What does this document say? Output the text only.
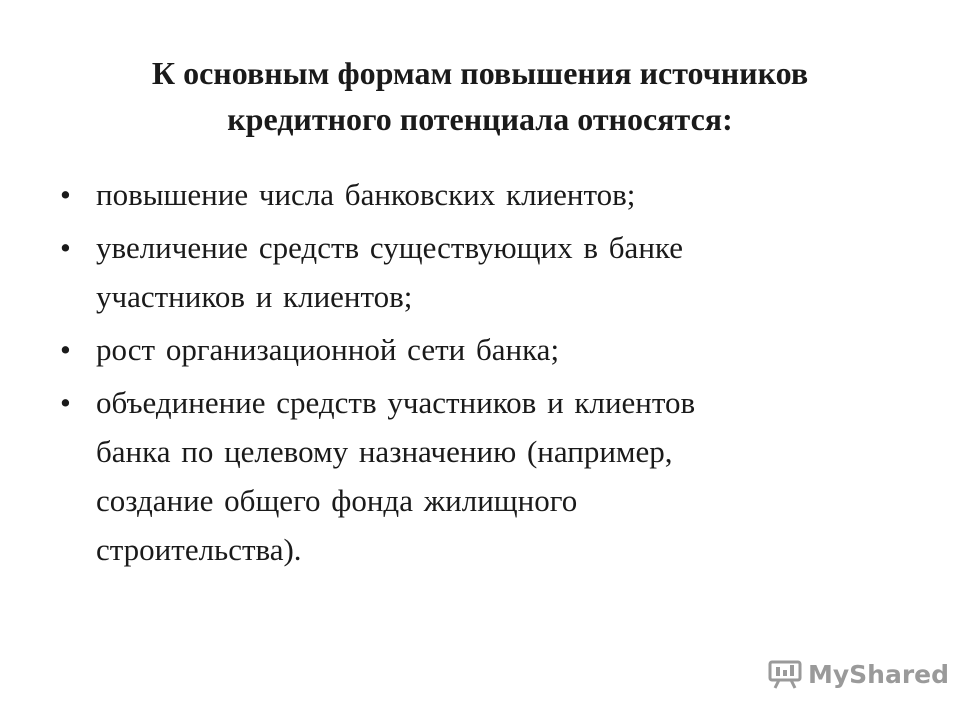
К основным формам повышения источников
кредитного потенциала относятся:
• повышение числа банковских клиентов;
• увеличение средств существующих в банке
участников и клиентов;
• рост организационной сети банка;
• объединение средств участников и клиентов
банка по целевому назначению (например,
создание общего фонда жилищного
строительства).
MyShared
